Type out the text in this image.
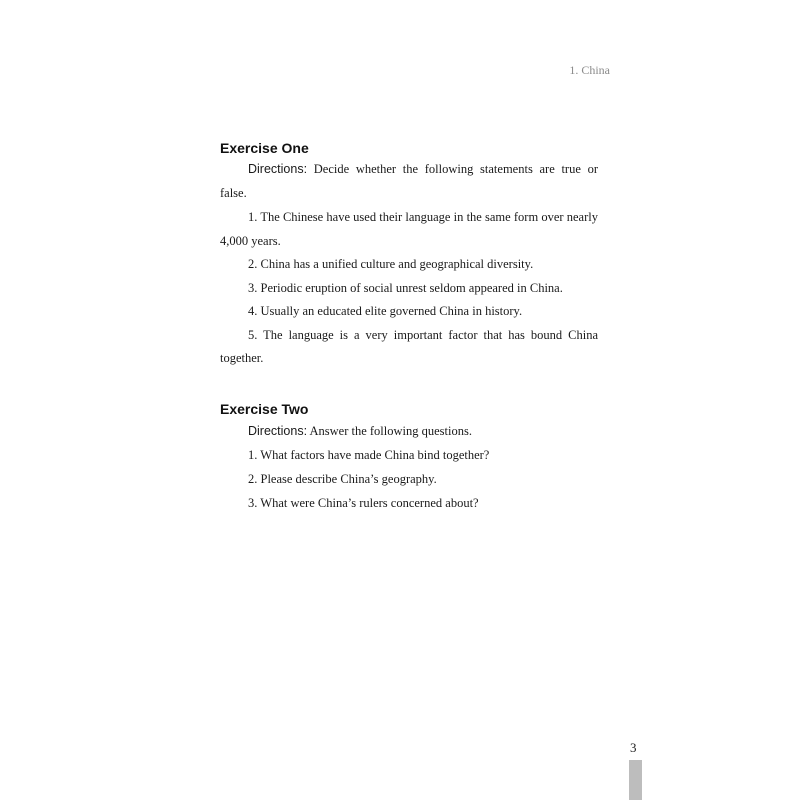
1. China
Exercise One

Directions: Decide whether the following statements are true or false.

1. The Chinese have used their language in the same form over nearly 4,000 years.

2. China has a unified culture and geographical diversity.

3. Periodic eruption of social unrest seldom appeared in China.

4. Usually an educated elite governed China in history.

5. The language is a very important factor that has bound China together.

Exercise Two

Directions: Answer the following questions.

1. What factors have made China bind together?

2. Please describe China’s geography.

3. What were China’s rulers concerned about?

3
